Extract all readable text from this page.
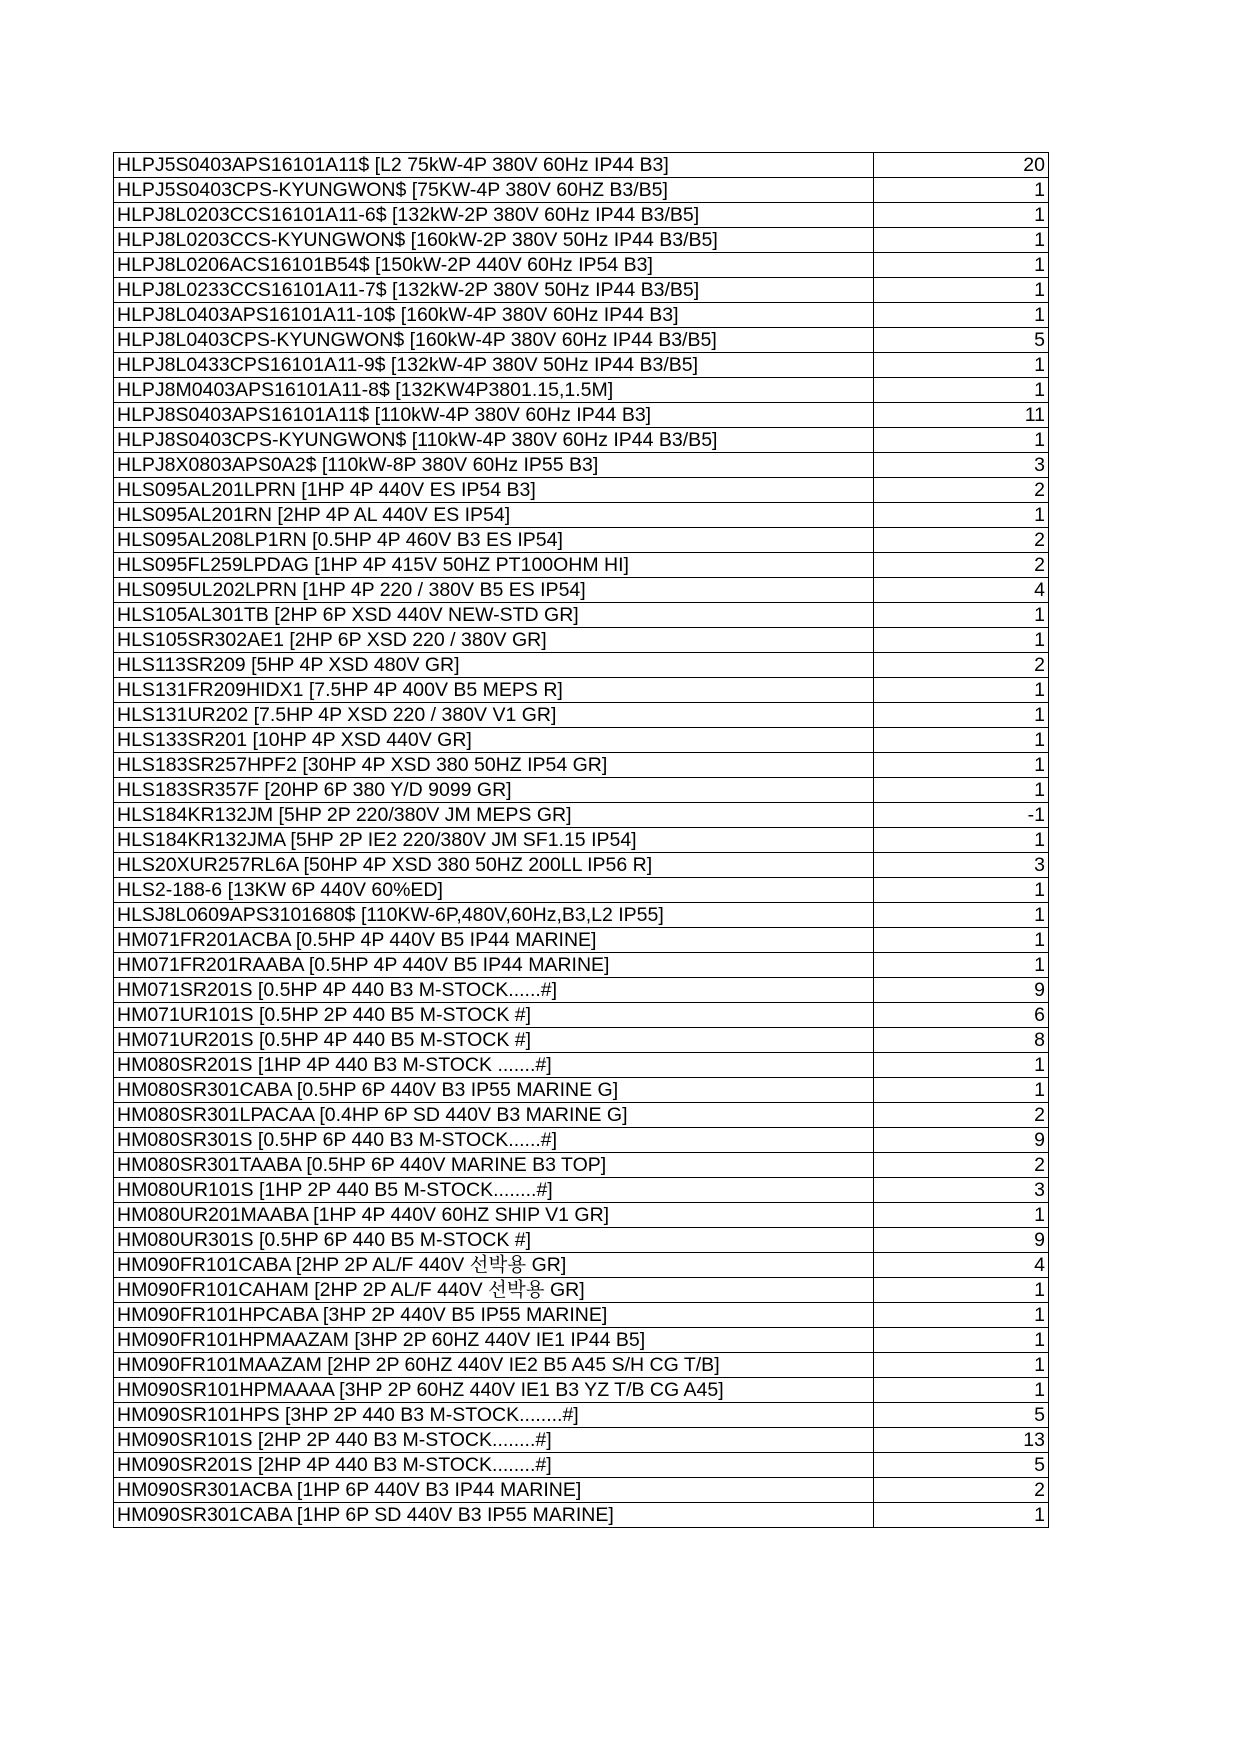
HLPJ5S0403APS16101A11$ [L2 75kW-4P 380V 60Hz IP44 B3]	20
HLPJ5S0403CPS-KYUNGWON$ [75KW-4P 380V 60HZ B3/B5]	1
HLPJ8L0203CCS16101A11-6$ [132kW-2P 380V 60Hz IP44 B3/B5]	1
HLPJ8L0203CCS-KYUNGWON$ [160kW-2P 380V 50Hz IP44 B3/B5]	1
HLPJ8L0206ACS16101B54$ [150kW-2P 440V 60Hz IP54 B3]	1
HLPJ8L0233CCS16101A11-7$ [132kW-2P 380V 50Hz IP44 B3/B5]	1
HLPJ8L0403APS16101A11-10$ [160kW-4P 380V 60Hz IP44 B3]	1
HLPJ8L0403CPS-KYUNGWON$ [160kW-4P 380V 60Hz IP44 B3/B5]	5
HLPJ8L0433CPS16101A11-9$ [132kW-4P 380V 50Hz IP44 B3/B5]	1
HLPJ8M0403APS16101A11-8$ [132KW4P3801.15,1.5M]	1
HLPJ8S0403APS16101A11$ [110kW-4P 380V 60Hz IP44 B3]	11
HLPJ8S0403CPS-KYUNGWON$ [110kW-4P 380V 60Hz IP44 B3/B5]	1
HLPJ8X0803APS0A2$ [110kW-8P 380V 60Hz IP55 B3]	3
HLS095AL201LPRN [1HP 4P 440V ES IP54 B3]	2
HLS095AL201RN [2HP 4P AL 440V ES IP54]	1
HLS095AL208LP1RN [0.5HP 4P 460V B3 ES IP54]	2
HLS095FL259LPDAG [1HP 4P 415V 50HZ PT100OHM HI]	2
HLS095UL202LPRN [1HP 4P 220 / 380V B5 ES IP54]	4
HLS105AL301TB [2HP 6P XSD 440V NEW-STD GR]	1
HLS105SR302AE1 [2HP 6P XSD 220 / 380V GR]	1
HLS113SR209 [5HP 4P XSD 480V GR]	2
HLS131FR209HIDX1 [7.5HP 4P 400V B5 MEPS R]	1
HLS131UR202 [7.5HP 4P XSD 220 / 380V V1 GR]	1
HLS133SR201 [10HP 4P XSD 440V GR]	1
HLS183SR257HPF2 [30HP 4P XSD 380 50HZ IP54 GR]	1
HLS183SR357F [20HP 6P 380 Y/D 9099 GR]	1
HLS184KR132JM [5HP 2P 220/380V JM MEPS GR]	-1
HLS184KR132JMA [5HP 2P IE2 220/380V JM SF1.15 IP54]	1
HLS20XUR257RL6A [50HP 4P XSD 380 50HZ 200LL IP56 R]	3
HLS2-188-6 [13KW 6P 440V 60%ED]	1
HLSJ8L0609APS3101680$ [110KW-6P,480V,60Hz,B3,L2 IP55]	1
HM071FR201ACBA [0.5HP 4P 440V B5 IP44 MARINE]	1
HM071FR201RAABA [0.5HP 4P 440V B5 IP44 MARINE]	1
HM071SR201S [0.5HP 4P 440 B3 M-STOCK......#]	9
HM071UR101S [0.5HP 2P 440 B5 M-STOCK #]	6
HM071UR201S [0.5HP 4P 440 B5 M-STOCK #]	8
HM080SR201S [1HP 4P 440 B3 M-STOCK .......#]	1
HM080SR301CABA [0.5HP 6P 440V B3 IP55 MARINE G]	1
HM080SR301LPACAA [0.4HP 6P SD 440V B3 MARINE G]	2
HM080SR301S [0.5HP 6P 440 B3 M-STOCK......#]	9
HM080SR301TAABA [0.5HP 6P 440V MARINE B3 TOP]	2
HM080UR101S [1HP 2P 440 B5 M-STOCK........#]	3
HM080UR201MAABA [1HP 4P 440V 60HZ SHIP V1 GR]	1
HM080UR301S [0.5HP 6P 440 B5 M-STOCK #]	9
HM090FR101CABA [2HP 2P AL/F 440V 선박용 GR]	4
HM090FR101CAHAM [2HP 2P AL/F 440V 선박용 GR]	1
HM090FR101HPCABA [3HP 2P 440V B5 IP55 MARINE]	1
HM090FR101HPMAAZAM [3HP 2P 60HZ 440V IE1 IP44 B5]	1
HM090FR101MAAZAM [2HP 2P 60HZ 440V IE2 B5 A45 S/H CG T/B]	1
HM090SR101HPMAAAA [3HP 2P 60HZ 440V IE1 B3 YZ T/B CG A45]	1
HM090SR101HPS [3HP 2P 440 B3 M-STOCK........#]	5
HM090SR101S [2HP 2P 440 B3 M-STOCK........#]	13
HM090SR201S [2HP 4P 440 B3 M-STOCK........#]	5
HM090SR301ACBA [1HP 6P 440V B3 IP44 MARINE]	2
HM090SR301CABA [1HP 6P SD 440V B3 IP55 MARINE]	1
